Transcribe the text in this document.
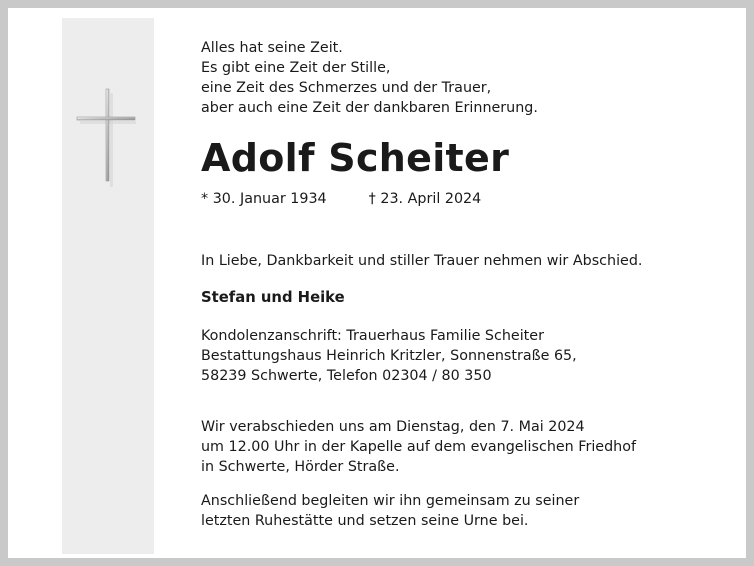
Alles hat seine Zeit.
Es gibt eine Zeit der Stille,
eine Zeit des Schmerzes und der Trauer,
aber auch eine Zeit der dankbaren Erinnerung.
Adolf Scheiter
* 30. Januar 1934	† 23. April 2024
In Liebe, Dankbarkeit und stiller Trauer nehmen wir Abschied.
Stefan und Heike
Kondolenzanschrift: Trauerhaus Familie Scheiter
Bestattungshaus Heinrich Kritzler, Sonnenstraße 65,
58239 Schwerte, Telefon 02304 / 80 350
Wir verabschieden uns am Dienstag, den 7. Mai 2024
um 12.00 Uhr in der Kapelle auf dem evangelischen Friedhof
in Schwerte, Hörder Straße.
Anschließend begleiten wir ihn gemeinsam zu seiner
letzten Ruhestätte und setzen seine Urne bei.
